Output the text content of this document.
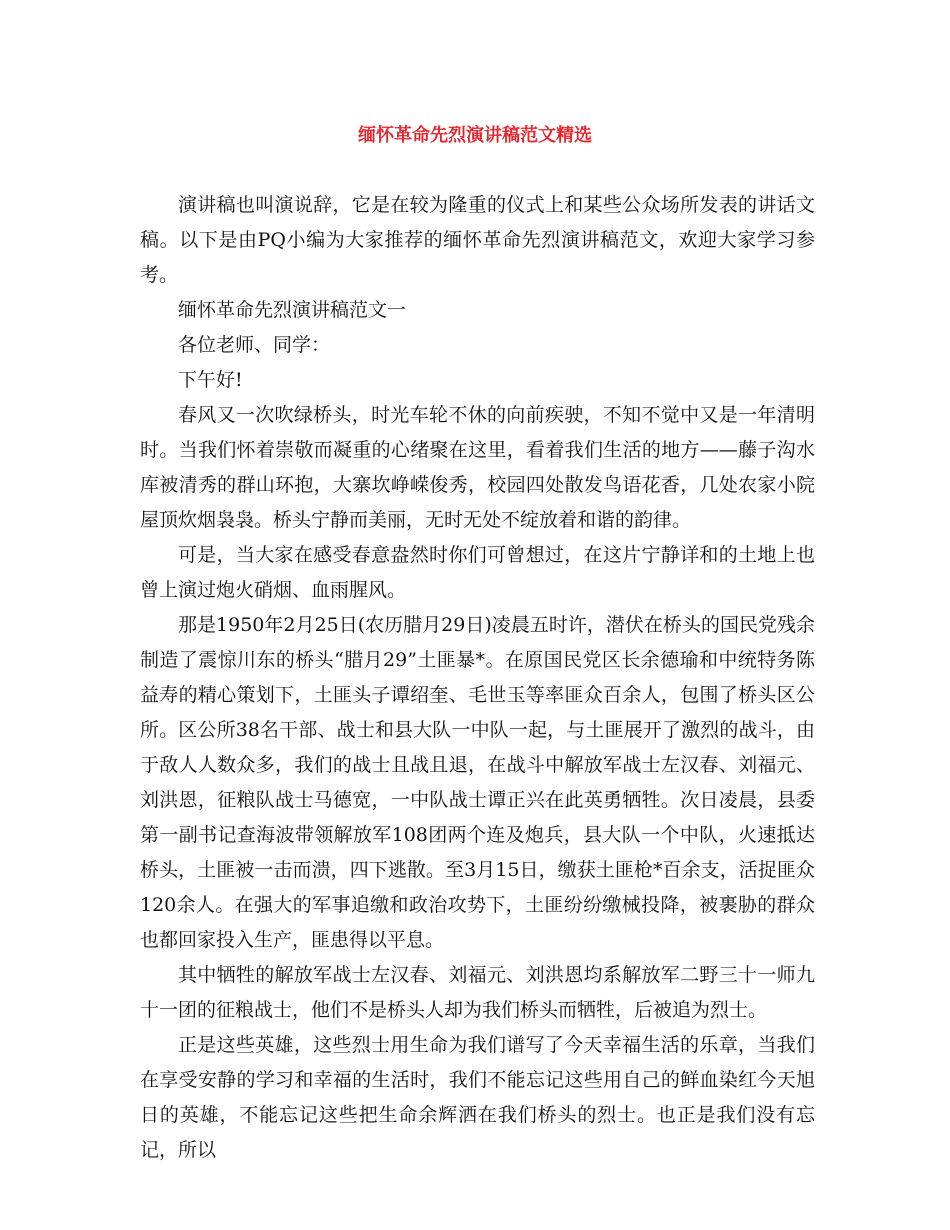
缅怀革命先烈演讲稿范文精选

演讲稿也叫演说辞，它是在较为隆重的仪式上和某些公众场所发表的讲话文稿。以下是由PQ小编为大家推荐的缅怀革命先烈演讲稿范文，欢迎大家学习参考。

缅怀革命先烈演讲稿范文一

各位老师、同学：

下午好!

春风又一次吹绿桥头，时光车轮不休的向前疾驶，不知不觉中又是一年清明时。当我们怀着崇敬而凝重的心绪聚在这里，看着我们生活的地方——藤子沟水库被清秀的群山环抱，大寨坎峥嵘俊秀，校园四处散发鸟语花香，几处农家小院屋顶炊烟袅袅。桥头宁静而美丽，无时无处不绽放着和谐的韵律。

可是，当大家在感受春意盎然时你们可曾想过，在这片宁静详和的土地上也曾上演过炮火硝烟、血雨腥风。

那是1950年2月25日(农历腊月29日)凌晨五时许，潜伏在桥头的国民党残余制造了震惊川东的桥头“腊月29”土匪暴*。在原国民党区长余德瑜和中统特务陈益寿的精心策划下，土匪头子谭绍奎、毛世玉等率匪众百余人，包围了桥头区公所。区公所38名干部、战士和县大队一中队一起，与土匪展开了激烈的战斗，由于敌人人数众多，我们的战士且战且退，在战斗中解放军战士左汉春、刘福元、刘洪恩，征粮队战士马德宽，一中队战士谭正兴在此英勇牺牲。次日凌晨，县委第一副书记查海波带领解放军108团两个连及炮兵，县大队一个中队，火速抵达桥头，土匪被一击而溃，四下逃散。至3月15日，缴获土匪枪*百余支，活捉匪众120余人。在强大的军事追缴和政治攻势下，土匪纷纷缴械投降，被裹胁的群众也都回家投入生产，匪患得以平息。

其中牺牲的解放军战士左汉春、刘福元、刘洪恩均系解放军二野三十一师九十一团的征粮战士，他们不是桥头人却为我们桥头而牺牲，后被追为烈士。

正是这些英雄，这些烈士用生命为我们谱写了今天幸福生活的乐章，当我们在享受安静的学习和幸福的生活时，我们不能忘记这些用自己的鲜血染红今天旭日的英雄，不能忘记这些把生命余辉洒在我们桥头的烈士。也正是我们没有忘记，所以
